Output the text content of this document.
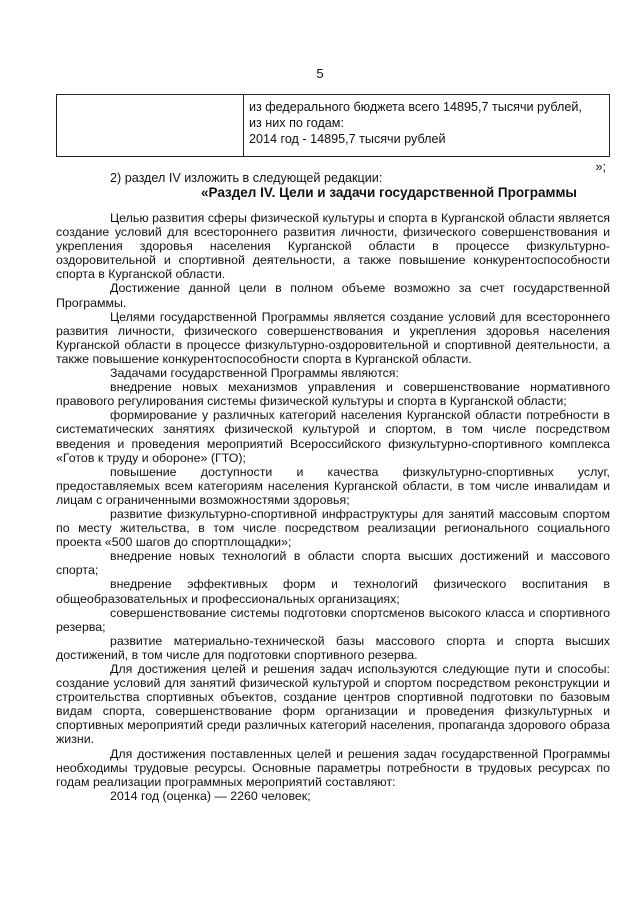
5
из федерального бюджета всего 14895,7 тысячи рублей,
из них по годам:
2014 год - 14895,7 тысячи рублей
»;
2) раздел IV изложить в следующей редакции:
«Раздел IV. Цели и задачи государственной Программы

Целью развития сферы физической культуры и спорта в Курганской области является создание условий для всестороннего развития личности, физического совершенствования и укрепления здоровья населения Курганской области в процессе физкультурно-оздоровительной и спортивной деятельности, а также повышение конкурентоспособности спорта в Курганской области.

Достижение данной цели в полном объеме возможно за счет государственной Программы.

Целями государственной Программы является создание условий для всестороннего развития личности, физического совершенствования и укрепления здоровья населения Курганской области в процессе физкультурно-оздоровительной и спортивной деятельности, а также повышение конкурентоспособности спорта в Курганской области.

Задачами государственной Программы являются:

внедрение новых механизмов управления и совершенствование нормативного правового регулирования системы физической культуры и спорта в Курганской области;

формирование у различных категорий населения Курганской области потребности в систематических занятиях физической культурой и спортом, в том числе посредством введения и проведения мероприятий Всероссийского физкультурно-спортивного комплекса «Готов к труду и обороне» (ГТО);

повышение доступности и качества физкультурно-спортивных услуг, предоставляемых всем категориям населения Курганской области, в том числе инвалидам и лицам с ограниченными возможностями здоровья;

развитие физкультурно-спортивной инфраструктуры для занятий массовым спортом по месту жительства, в том числе посредством реализации регионального социального проекта «500 шагов до спортплощадки»;

внедрение новых технологий в области спорта высших достижений и массового спорта;

внедрение эффективных форм и технологий физического воспитания в общеобразовательных и профессиональных организациях;

совершенствование системы подготовки спортсменов высокого класса и спортивного резерва;

развитие материально-технической базы массового спорта и спорта высших достижений, в том числе для подготовки спортивного резерва.

Для достижения целей и решения задач используются следующие пути и способы: создание условий для занятий физической культурой и спортом посредством реконструкции и строительства спортивных объектов, создание центров спортивной подготовки по базовым видам спорта, совершенствование форм организации и проведения физкультурных и спортивных мероприятий среди различных категорий населения, пропаганда здорового образа жизни.

Для достижения поставленных целей и решения задач государственной Программы необходимы трудовые ресурсы. Основные параметры потребности в трудовых ресурсах по годам реализации программных мероприятий составляют:

2014 год (оценка) — 2260 человек;
